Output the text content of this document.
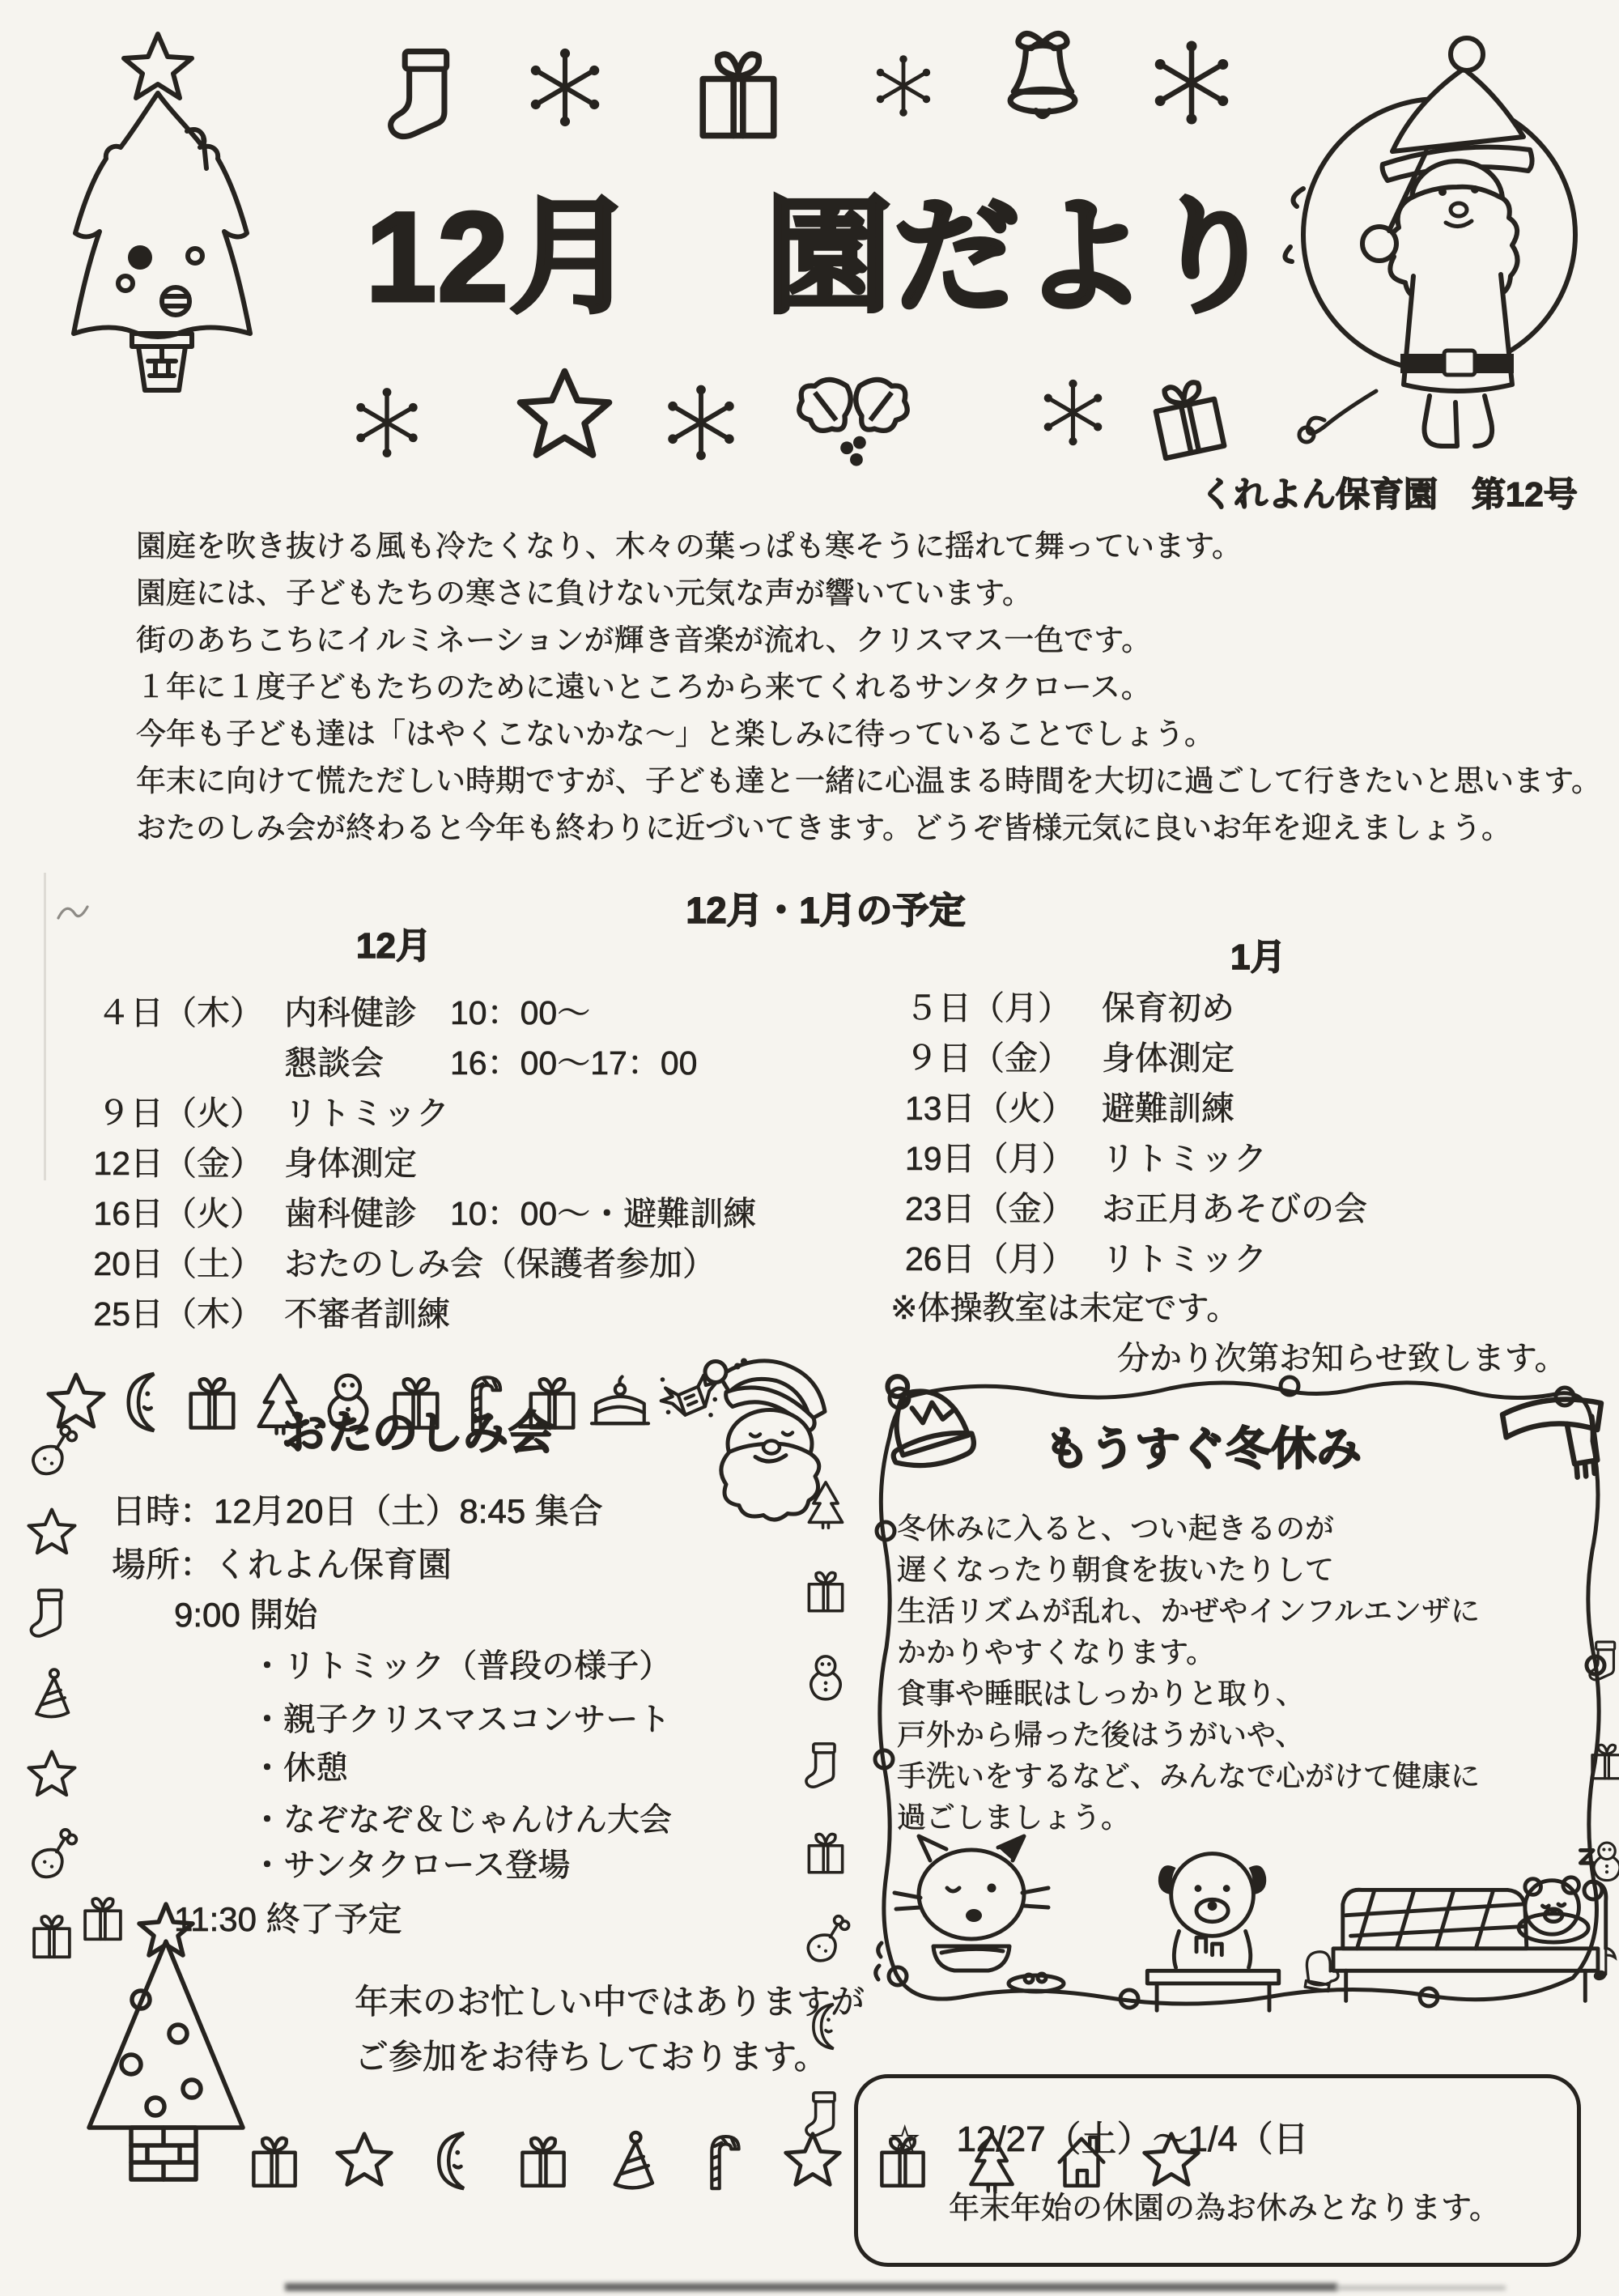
12月　園だより
くれよん保育園　第12号
園庭を吹き抜ける風も冷たくなり、木々の葉っぱも寒そうに揺れて舞っています。
園庭には、子どもたちの寒さに負けない元気な声が響いています。
街のあちこちにイルミネーションが輝き音楽が流れ、クリスマス一色です。
１年に１度子どもたちのために遠いところから来てくれるサンタクロース。
今年も子ども達は「はやくこないかな～」と楽しみに待っていることでしょう。
年末に向けて慌ただしい時期ですが、子ども達と一緒に心温まる時間を大切に過ごして行きたいと思います。
おたのしみ会が終わると今年も終わりに近づいてきます。どうぞ皆様元気に良いお年を迎えましょう。
12月・1月の予定
12月	1月
４日（木） 内科健診　10：00～
懇談会　　16：00～17：00
９日（火） リトミック
12日（金） 身体測定
16日（火） 歯科健診　10：00～・避難訓練
20日（土） おたのしみ会（保護者参加）
25日（木） 不審者訓練
５日（月） 保育初め
９日（金） 身体測定
13日（火） 避難訓練
19日（月） リトミック
23日（金） お正月あそびの会
26日（月） リトミック
※体操教室は未定です。
分かり次第お知らせ致します。
おたのしみ会
日時：12月20日（土）8:45 集合
場所：くれよん保育園
9:00 開始
・リトミック（普段の様子）
・親子クリスマスコンサート
・休憩
・なぞなぞ＆じゃんけん大会
・サンタクロース登場
11:30 終了予定
年末のお忙しい中ではありますが
ご参加をお待ちしております。
もうすぐ冬休み
冬休みに入ると、つい起きるのが
遅くなったり朝食を抜いたりして
生活リズムが乱れ、かぜやインフルエンザに
かかりやすくなります。
食事や睡眠はしっかりと取り、
戸外から帰った後はうがいや、
手洗いをするなど、みんなで心がけて健康に
過ごしましょう。
☆　12/27（土）～1/4（日
年末年始の休園の為お休みとなります。
